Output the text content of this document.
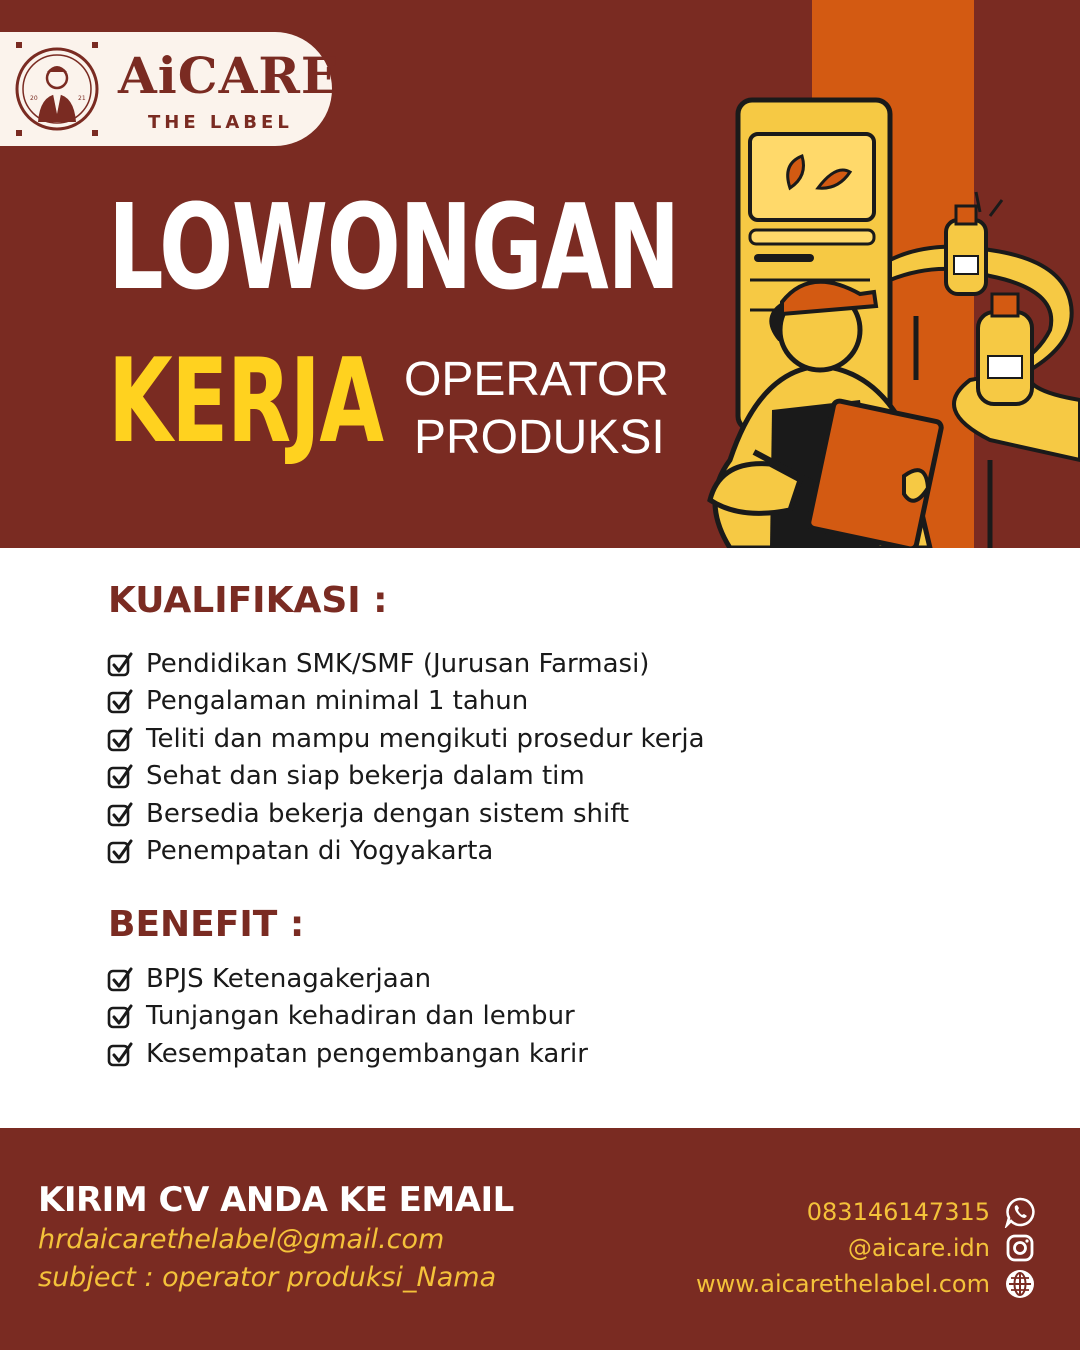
20	21 AiCARE
THE LABEL
LOWONGAN
KERJA OPERATOR
PRODUKSI
KUALIFIKASI :
Pendidikan SMK/SMF (Jurusan Farmasi)
Pengalaman minimal 1 tahun
Teliti dan mampu mengikuti prosedur kerja
Sehat dan siap bekerja dalam tim
Bersedia bekerja dengan sistem shift
Penempatan di Yogyakarta
BENEFIT :
BPJS Ketenagakerjaan
Tunjangan kehadiran dan lembur
Kesempatan pengembangan karir
KIRIM CV ANDA KE EMAIL
hrdaicarethelabel@gmail.com
subject : operator produksi_Nama
083146147315
@aicare.idn
www.aicarethelabel.com
